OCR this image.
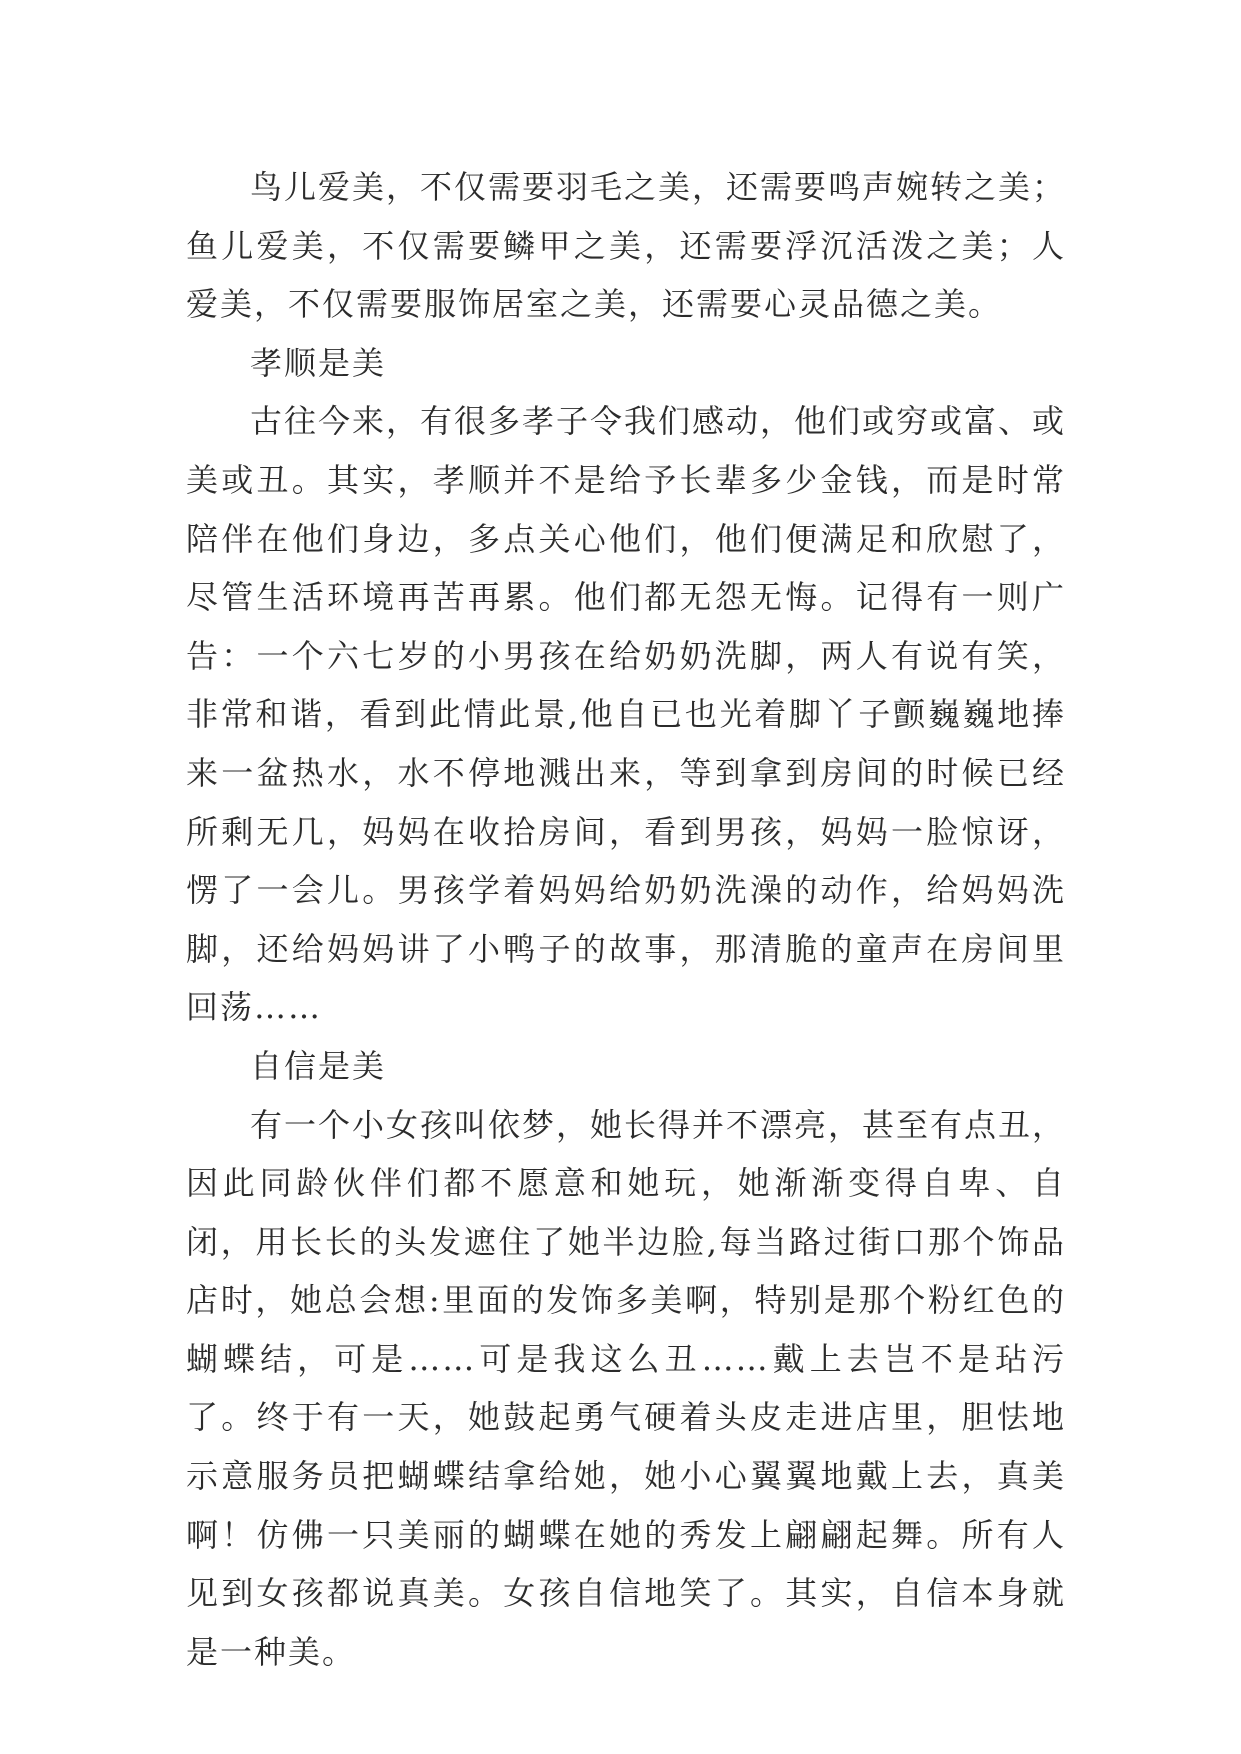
鸟儿爱美，不仅需要羽毛之美，还需要鸣声婉转之美；鱼儿爱美，不仅需要鳞甲之美，还需要浮沉活泼之美；人爱美，不仅需要服饰居室之美，还需要心灵品德之美。

孝顺是美

古往今来，有很多孝子令我们感动，他们或穷或富、或美或丑。其实，孝顺并不是给予长辈多少金钱，而是时常陪伴在他们身边，多点关心他们，他们便满足和欣慰了，尽管生活环境再苦再累。他们都无怨无悔。记得有一则广告：一个六七岁的小男孩在给奶奶洗脚，两人有说有笑，非常和谐，看到此情此景,他自已也光着脚丫子颤巍巍地捧来一盆热水，水不停地溅出来，等到拿到房间的时候已经所剩无几，妈妈在收拾房间，看到男孩，妈妈一脸惊讶，愣了一会儿。男孩学着妈妈给奶奶洗澡的动作，给妈妈洗脚，还给妈妈讲了小鸭子的故事，那清脆的童声在房间里回荡……

自信是美

有一个小女孩叫依梦，她长得并不漂亮，甚至有点丑，因此同龄伙伴们都不愿意和她玩，她渐渐变得自卑、自闭，用长长的头发遮住了她半边脸,每当路过街口那个饰品店时，她总会想:里面的发饰多美啊，特别是那个粉红色的蝴蝶结，可是……可是我这么丑……戴上去岂不是玷污了。终于有一天，她鼓起勇气硬着头皮走进店里，胆怯地示意服务员把蝴蝶结拿给她，她小心翼翼地戴上去，真美啊！仿佛一只美丽的蝴蝶在她的秀发上翩翩起舞。所有人见到女孩都说真美。女孩自信地笑了。其实，自信本身就是一种美。
